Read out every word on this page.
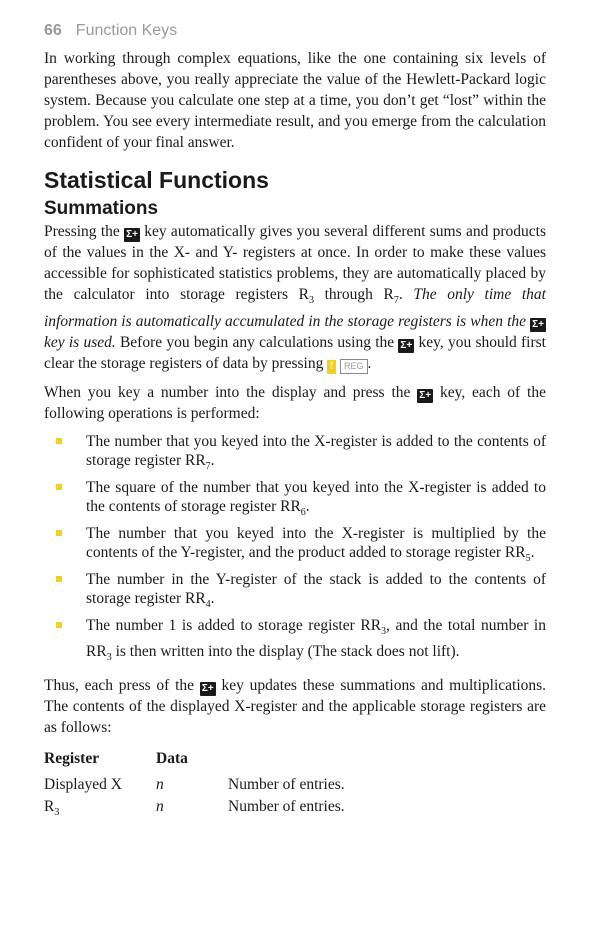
66 Function Keys

In working through complex equations, like the one containing six levels of parentheses above, you really appreciate the value of the Hewlett-Packard logic system. Because you calculate one step at a time, you don’t get “lost” within the problem. You see every intermediate result, and you emerge from the calculation confident of your final answer.

Statistical Functions
Summations

Pressing the Σ+ key automatically gives you several different sums and products of the values in the X- and Y- registers at once. In order to make these values accessible for sophisticated statistics problems, they are automatically placed by the calculator into storage registers $R_3$ through $R_7$. The only time that information is automatically accumulated in the storage registers is when the Σ+ key is used. Before you begin any calculations using the Σ+ key, you should first clear the storage registers of data by pressing f REG .

When you key a number into the display and press the Σ+ key, each of the following operations is performed:

The number that you keyed into the X-register is added to the contents of storage register $RR_7$.
The square of the number that you keyed into the X-register is added to the contents of storage register $RR_6$.
The number that you keyed into the X-register is multiplied by the contents of the Y-register, and the product added to storage register $RR_5$.
The number in the Y-register of the stack is added to the contents of storage register $RR_4$.
The number 1 is added to storage register $RR_3$, and the total number in $RR_3$ is then written into the display (The stack does not lift).

Thus, each press of the Σ+ key updates these summations and multiplications. The contents of the displayed X-register and the applicable storage registers are as follows:

Register	Data	
Displayed X	n	Number of entries.
$R_3$	n	Number of entries.
